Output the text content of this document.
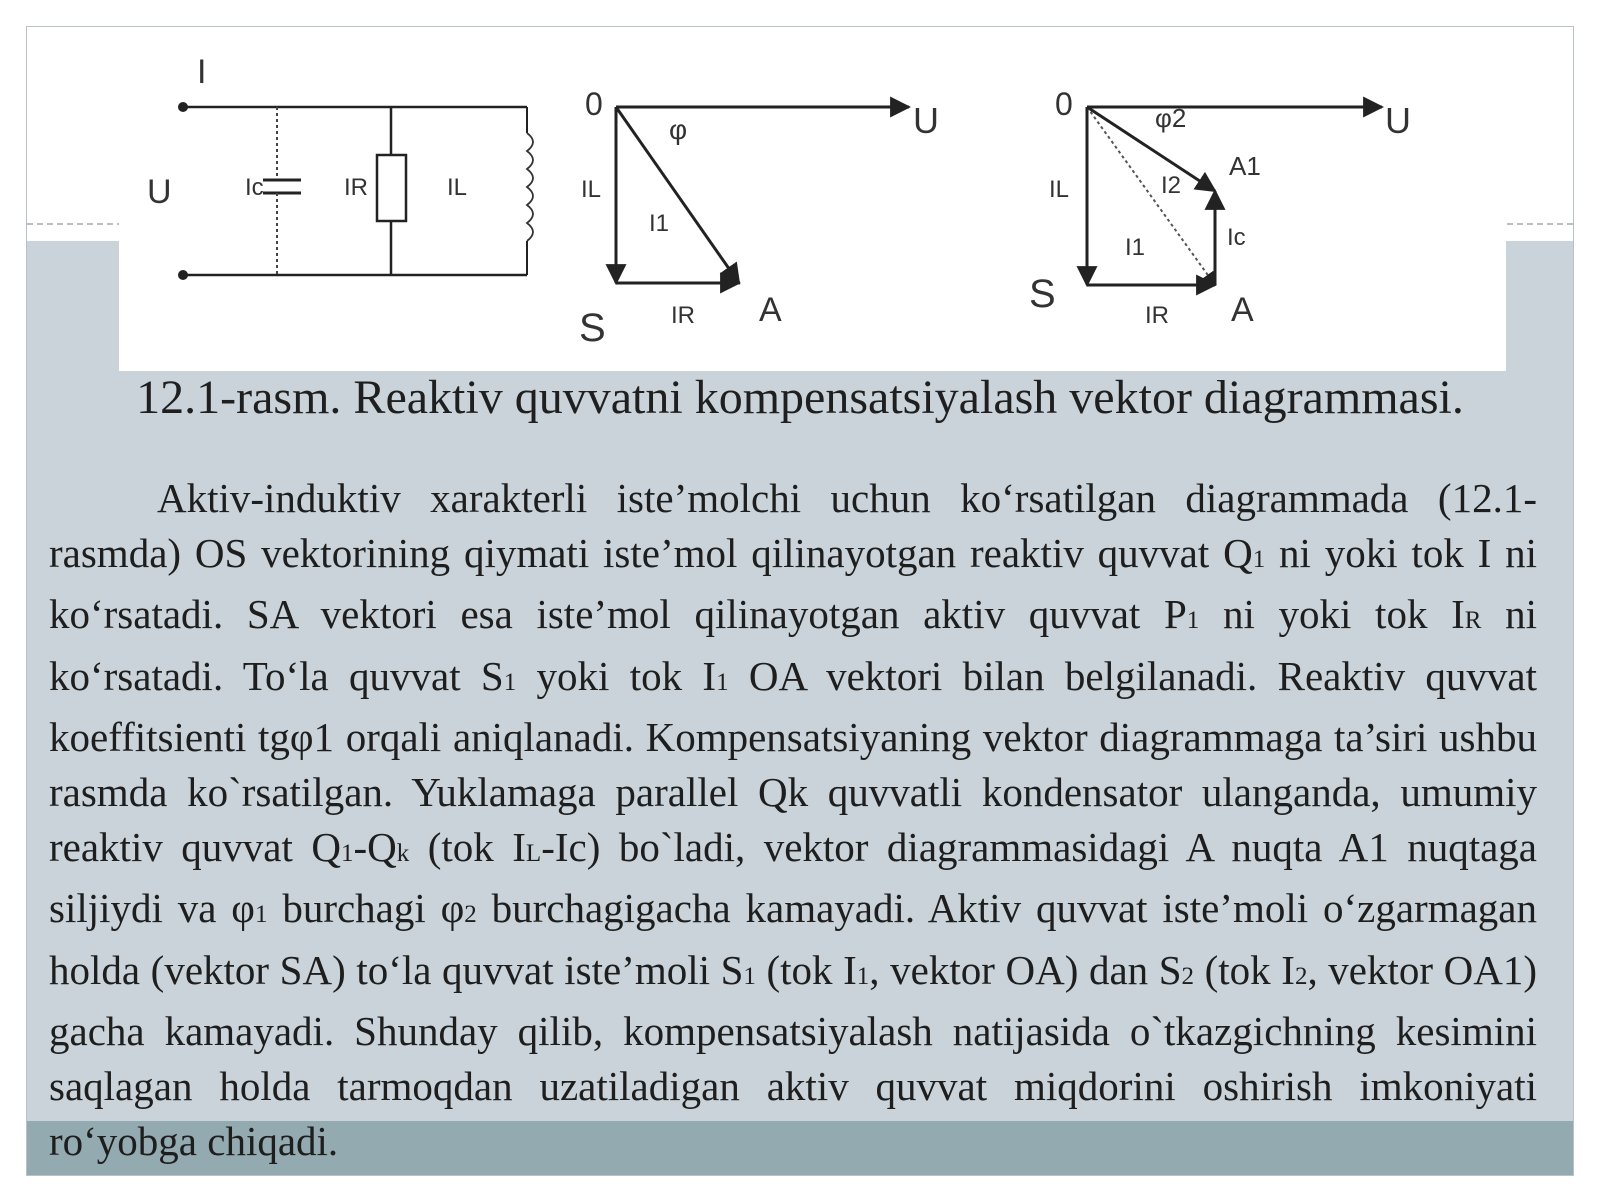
I
U	Ic	IR	IL
0	U
φ
IL
I1
IR
S	A
0	U
φ2
IL	I2
A1
Ic
I1
IR
S	A
12.1-rasm. Reaktiv quvvatni kompensatsiyalash vektor diagrammasi.

Aktiv-induktiv xarakterli iste’molchi uchun ko‘rsatilgan diagrammada (12.1-rasmda) OS vektorining qiymati iste’mol qilinayotgan reaktiv quvvat Q1 ni yoki tok I ni ko‘rsatadi. SA vektori esa iste’mol qilinayotgan aktiv quvvat P1 ni yoki tok IR ni ko‘rsatadi. To‘la quvvat S1 yoki tok I1 OA vektori bilan belgilanadi. Reaktiv quvvat koeffitsienti tgφ1 orqali aniqlanadi. Kompensatsiyaning vektor diagrammaga ta’siri ushbu rasmda ko`rsatilgan. Yuklamaga parallel Qk quvvatli kondensator ulanganda, umumiy reaktiv quvvat Q1-Qk (tok IL-Ic) bo`ladi, vektor diagrammasidagi A nuqta A1 nuqtaga siljiydi va φ1 burchagi φ2 burchagigacha kamayadi. Aktiv quvvat iste’moli o‘zgarmagan holda (vektor SA) to‘la quvvat iste’moli S1 (tok I1, vektor OA) dan S2 (tok I2, vektor OA1) gacha kamayadi. Shunday qilib, kompensatsiyalash natijasida o`tkazgichning kesimini saqlagan holda tarmoqdan uzatiladigan aktiv quvvat miqdorini oshirish imkoniyati ro‘yobga chiqadi.
